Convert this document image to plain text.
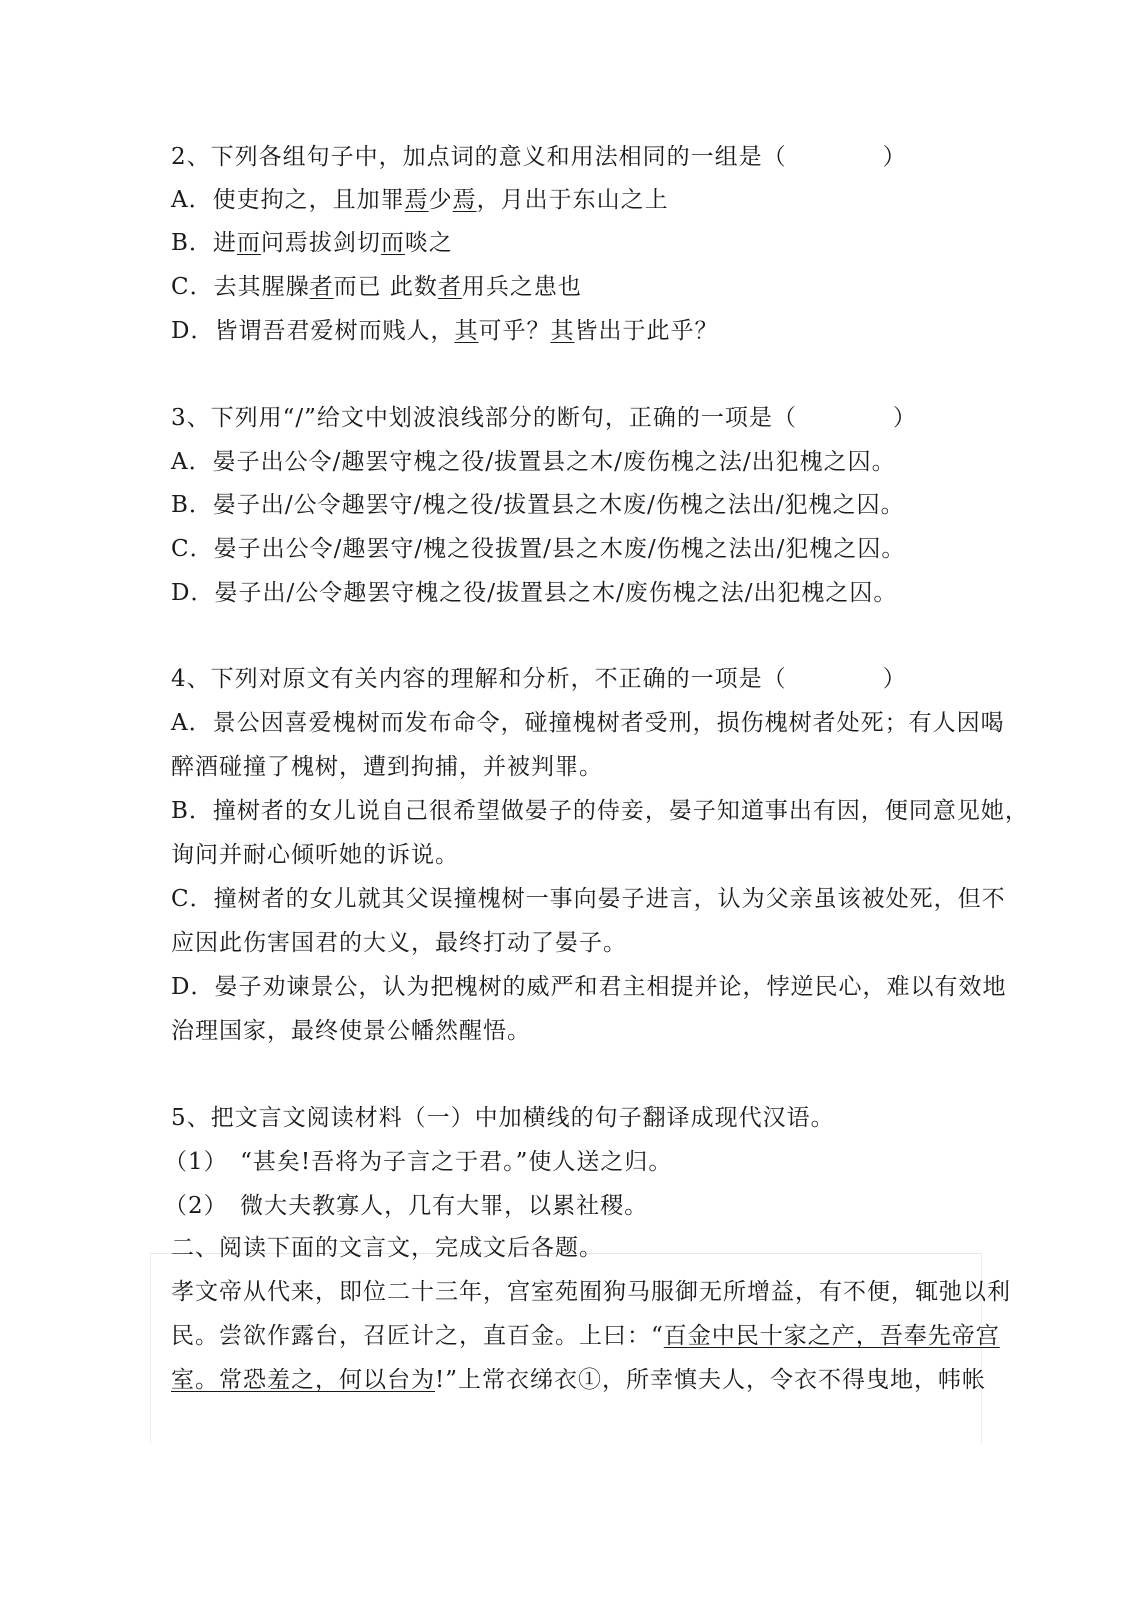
2、下列各组句子中，加点词的意义和用法相同的一组是（　　　　）
A．使吏拘之，且加罪焉少焉，月出于东山之上
B．进而问焉拔剑切而啖之
C．去其腥臊者而已 此数者用兵之患也
D．皆谓吾君爱树而贱人，其可乎？其皆出于此乎？
3、下列用“/”给文中划波浪线部分的断句，正确的一项是（　　　　）
A．晏子出公令/趣罢守槐之役/拔置县之木/废伤槐之法/出犯槐之囚。
B．晏子出/公令趣罢守/槐之役/拔置县之木废/伤槐之法出/犯槐之囚。
C．晏子出公令/趣罢守/槐之役拔置/县之木废/伤槐之法出/犯槐之囚。
D．晏子出/公令趣罢守槐之役/拔置县之木/废伤槐之法/出犯槐之囚。
4、下列对原文有关内容的理解和分析，不正确的一项是（　　　　）
A．景公因喜爱槐树而发布命令，碰撞槐树者受刑，损伤槐树者处死；有人因喝
醉酒碰撞了槐树，遭到拘捕，并被判罪。
B．撞树者的女儿说自己很希望做晏子的侍妾，晏子知道事出有因，便同意见她，
询问并耐心倾听她的诉说。
C．撞树者的女儿就其父误撞槐树一事向晏子进言，认为父亲虽该被处死，但不
应因此伤害国君的大义，最终打动了晏子。
D．晏子劝谏景公，认为把槐树的威严和君主相提并论，悖逆民心，难以有效地
治理国家，最终使景公幡然醒悟。
5、把文言文阅读材料（一）中加横线的句子翻译成现代汉语。
（1）　“甚矣!吾将为子言之于君。”使人送之归。
（2）　微大夫教寡人，几有大罪，以累社稷。
二、阅读下面的文言文，完成文后各题。
孝文帝从代来，即位二十三年，宫室苑囿狗马服御无所增益，有不便，辄弛以利
民。尝欲作露台，召匠计之，直百金。上曰：“百金中民十家之产，吾奉先帝宫
室。常恐羞之，何以台为!”上常衣绨衣①，所幸慎夫人，令衣不得曳地，帏帐
